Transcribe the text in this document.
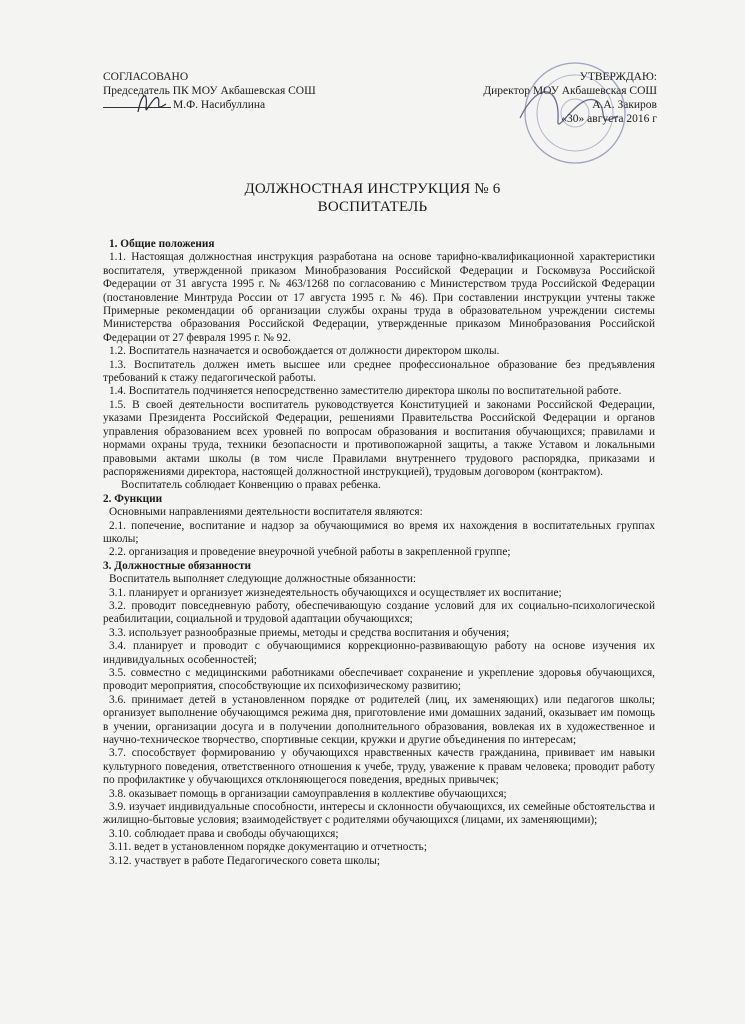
СОГЛАСОВАНО
Председатель ПК МОУ Акбашевская СОШ
М.Ф. Насибуллина
УТВЕРЖДАЮ:
Директор МОУ Акбашевская СОШ
А.А. Закиров
«30» августа 2016 г
ДОЛЖНОСТНАЯ ИНСТРУКЦИЯ № 6
ВОСПИТАТЕЛЬ

1. Общие положения

1.1. Настоящая должностная инструкция разработана на основе тарифно-квалификационной характеристики воспитателя, утвержденной приказом Минобразования Российской Федерации и Госкомвуза Российской Федерации от 31 августа 1995 г. № 463/1268 по согласованию с Министерством труда Российской Федерации (постановление Минтруда России от 17 августа 1995 г. № 46). При составлении инструкции учтены также Примерные рекомендации об организации службы охраны труда в образовательном учреждении системы Министерства образования Российской Федерации, утвержденные приказом Минобразования Российской Федерации от 27 февраля 1995 г. № 92.

1.2. Воспитатель назначается и освобождается от должности директором школы.

1.3. Воспитатель должен иметь высшее или среднее профессиональное образование без предъявления требований к стажу педагогической работы.

1.4. Воспитатель подчиняется непосредственно заместителю директора школы по воспитательной работе.

1.5. В своей деятельности воспитатель руководствуется Конституцией и законами Российской Федерации, указами Президента Российской Федерации, решениями Правительства Российской Федерации и органов управления образованием всех уровней по вопросам образования и воспитания обучающихся; правилами и нормами охраны труда, техники безопасности и противопожарной защиты, а также Уставом и локальными правовыми актами школы (в том числе Правилами внутреннего трудового распорядка, приказами и распоряжениями директора, настоящей должностной инструкцией), трудовым договором (контрактом).

Воспитатель соблюдает Конвенцию о правах ребенка.

2. Функции

Основными направлениями деятельности воспитателя являются:

2.1. попечение, воспитание и надзор за обучающимися во время их нахождения в воспитательных группах школы;

2.2. организация и проведение внеурочной учебной работы в закрепленной группе;

3. Должностные обязанности

Воспитатель выполняет следующие должностные обязанности:

3.1. планирует и организует жизнедеятельность обучающихся и осуществляет их воспитание;

3.2. проводит повседневную работу, обеспечивающую создание условий для их социально-психологической реабилитации, социальной и трудовой адаптации обучающихся;

3.3. использует разнообразные приемы, методы и средства воспитания и обучения;

3.4. планирует и проводит с обучающимися коррекционно-развивающую работу на основе изучения их индивидуальных особенностей;

3.5. совместно с медицинскими работниками обеспечивает сохранение и укрепление здоровья обучающихся, проводит мероприятия, способствующие их психофизическому развитию;

3.6. принимает детей в установленном порядке от родителей (лиц, их заменяющих) или педагогов школы; организует выполнение обучающимся режима дня, приготовление ими домашних заданий, оказывает им помощь в учении, организации досуга и в получении дополнительного образования, вовлекая их в художественное и научно-техническое творчество, спортивные секции, кружки и другие объединения по интересам;

3.7. способствует формированию у обучающихся нравственных качеств гражданина, прививает им навыки культурного поведения, ответственного отношения к учебе, труду, уважение к правам человека; проводит работу по профилактике у обучающихся отклоняющегося поведения, вредных привычек;

3.8. оказывает помощь в организации самоуправления в коллективе обучающихся;

3.9. изучает индивидуальные способности, интересы и склонности обучающихся, их семейные обстоятельства и жилищно-бытовые условия; взаимодействует с родителями обучающихся (лицами, их заменяющими);

3.10. соблюдает права и свободы обучающихся;

3.11. ведет в установленном порядке документацию и отчетность;

3.12. участвует в работе Педагогического совета школы;
